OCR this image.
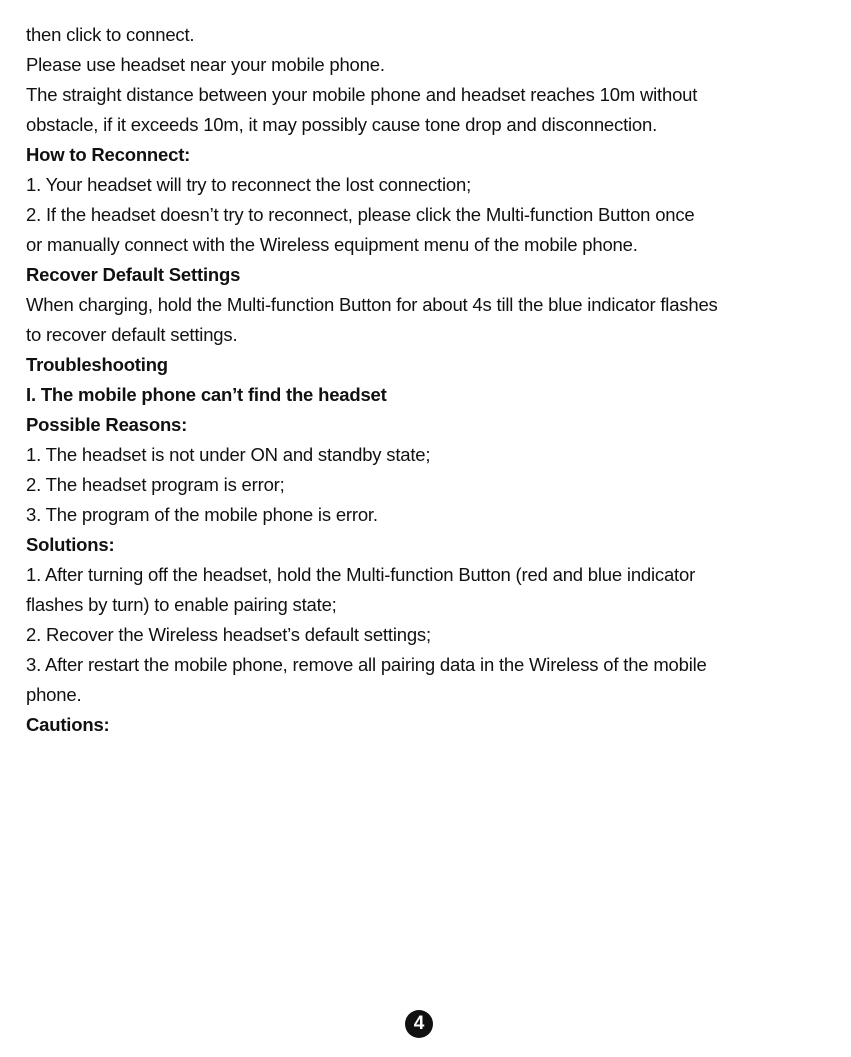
then click to connect.
Please use headset near your mobile phone.
The straight distance between your mobile phone and headset reaches 10m without
obstacle, if it exceeds 10m, it may possibly cause tone drop and disconnection.
How to Reconnect:
1. Your headset will try to reconnect the lost connection;
2. If the headset doesn’t try to reconnect, please click the Multi-function Button once
or manually connect with the Wireless equipment menu of the mobile phone.
Recover Default Settings
When charging, hold the Multi-function Button for about 4s till the blue indicator flashes
to recover default settings.
Troubleshooting
I. The mobile phone can’t find the headset
Possible Reasons:
1. The headset is not under ON and standby state;
2. The headset program is error;
3. The program of the mobile phone is error.
Solutions:
1. After turning off the headset, hold the Multi-function Button (red and blue indicator
flashes by turn) to enable pairing state;
2. Recover the Wireless headset’s default settings;
3. After restart the mobile phone, remove all pairing data in the Wireless of the mobile
phone.
Cautions:
4
